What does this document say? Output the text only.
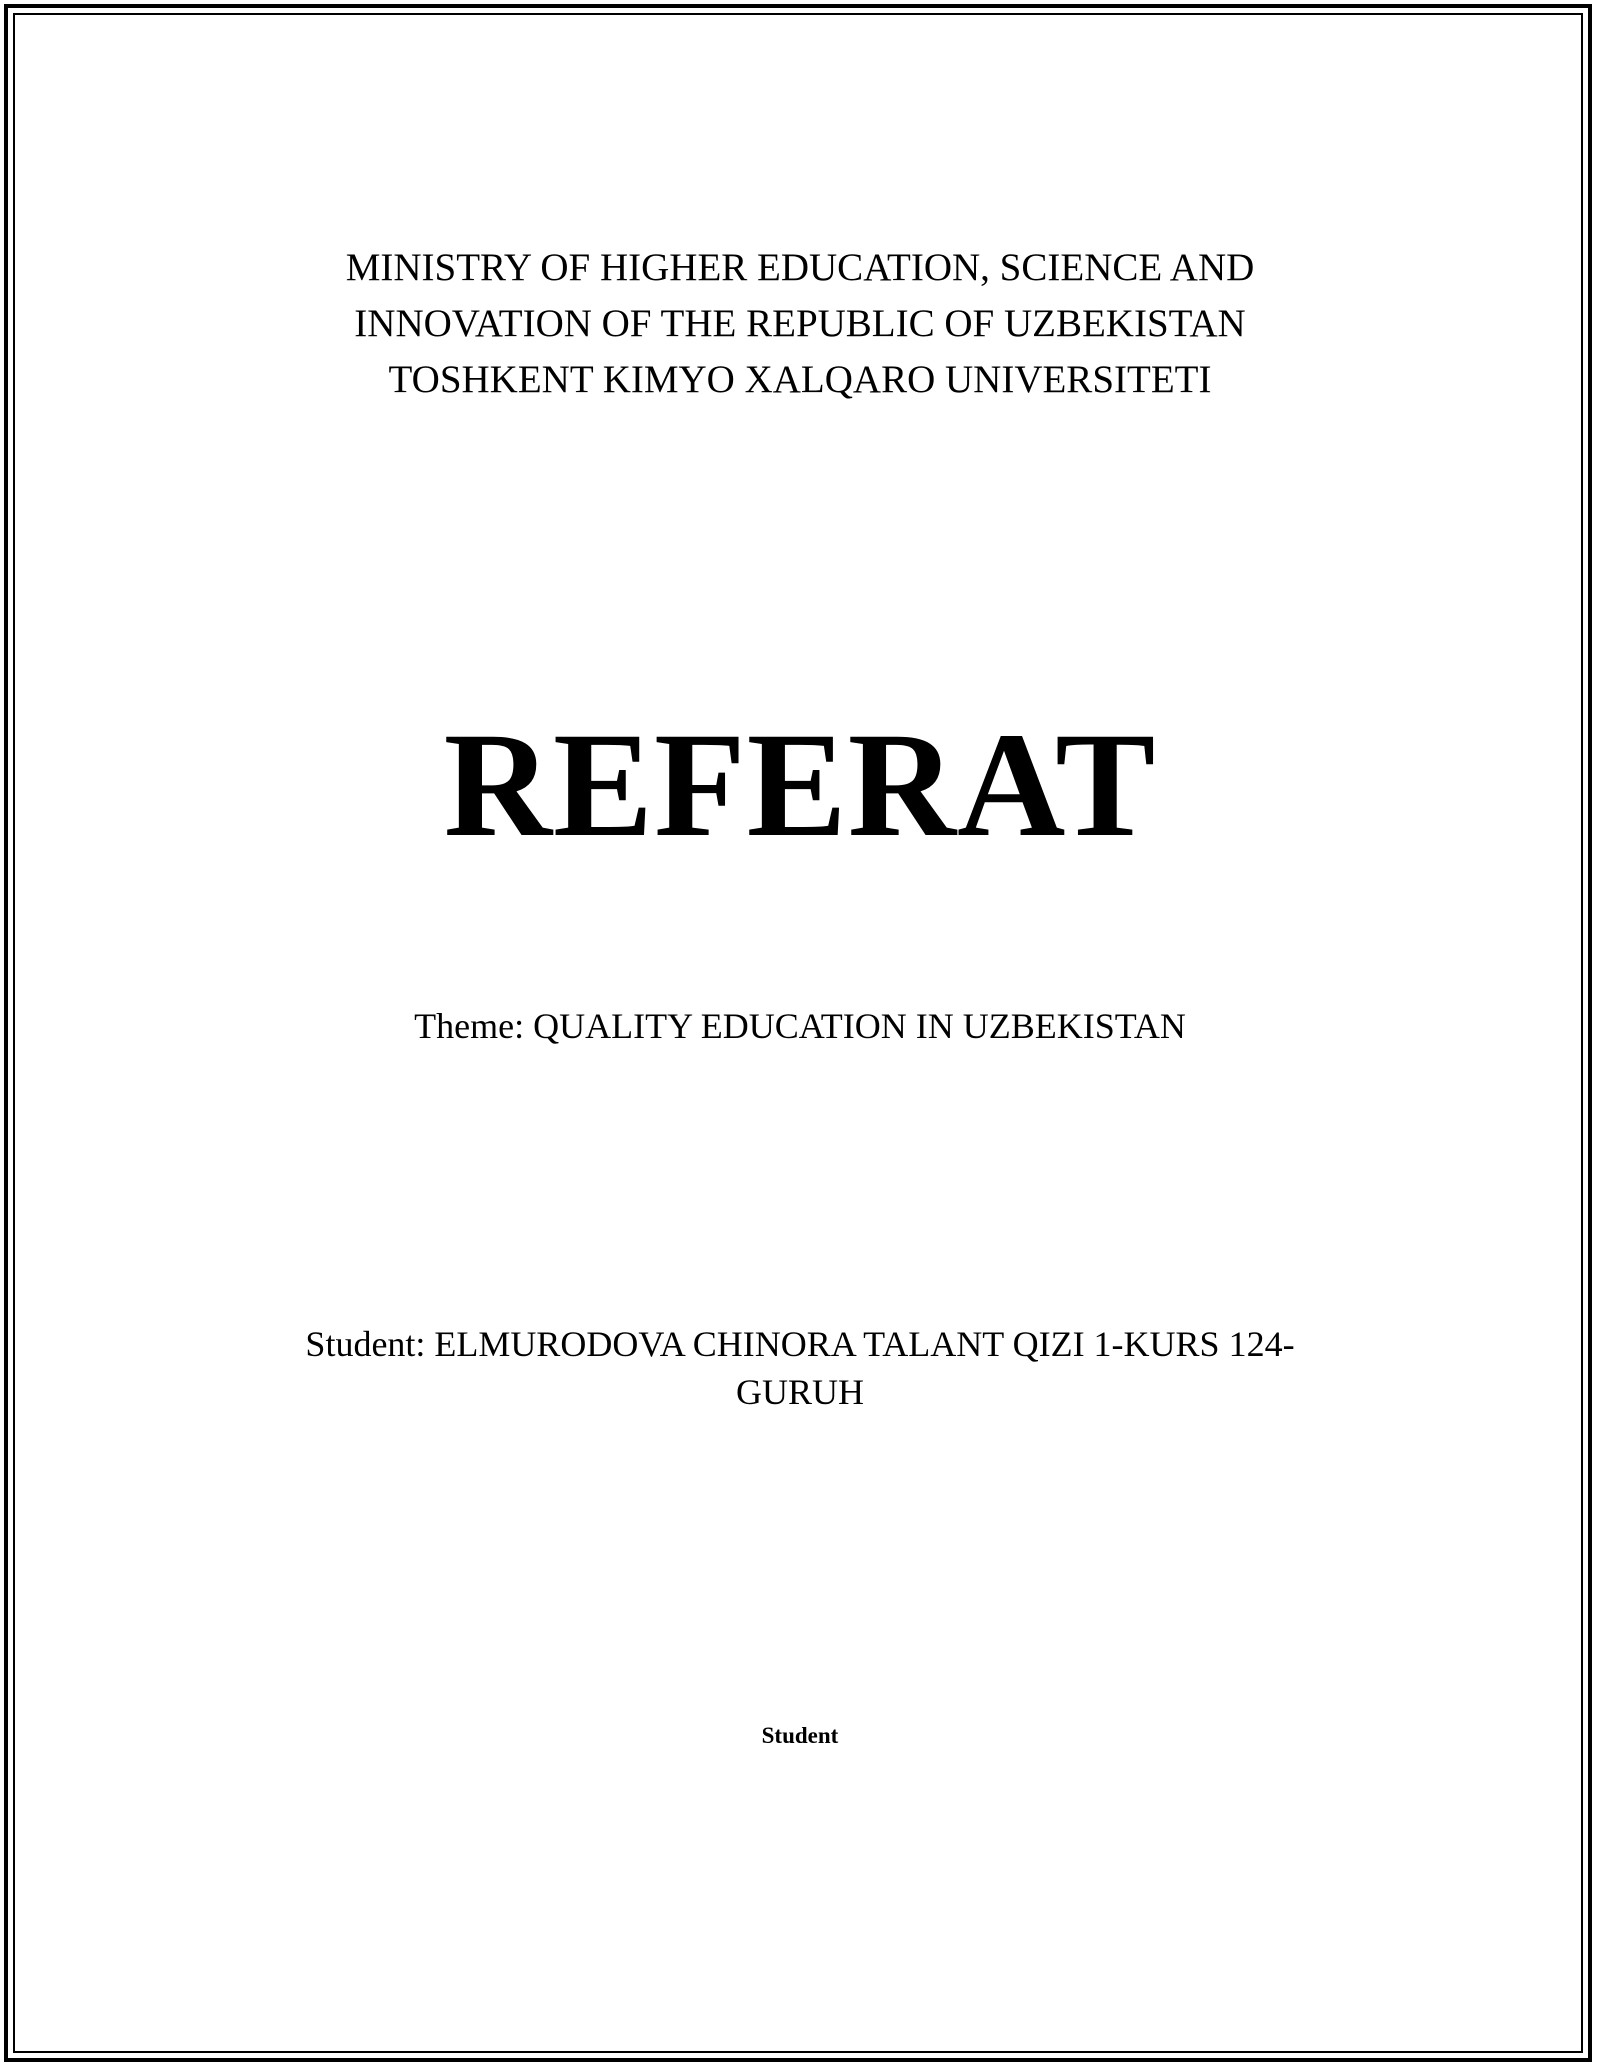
MINISTRY OF HIGHER EDUCATION, SCIENCE AND
INNOVATION OF THE REPUBLIC OF UZBEKISTAN
TOSHKENT KIMYO XALQARO UNIVERSITETI
REFERAT
Theme: QUALITY EDUCATION IN UZBEKISTAN
Student: ELMURODOVA CHINORA TALANT QIZI 1-KURS 124-GURUH
Student
